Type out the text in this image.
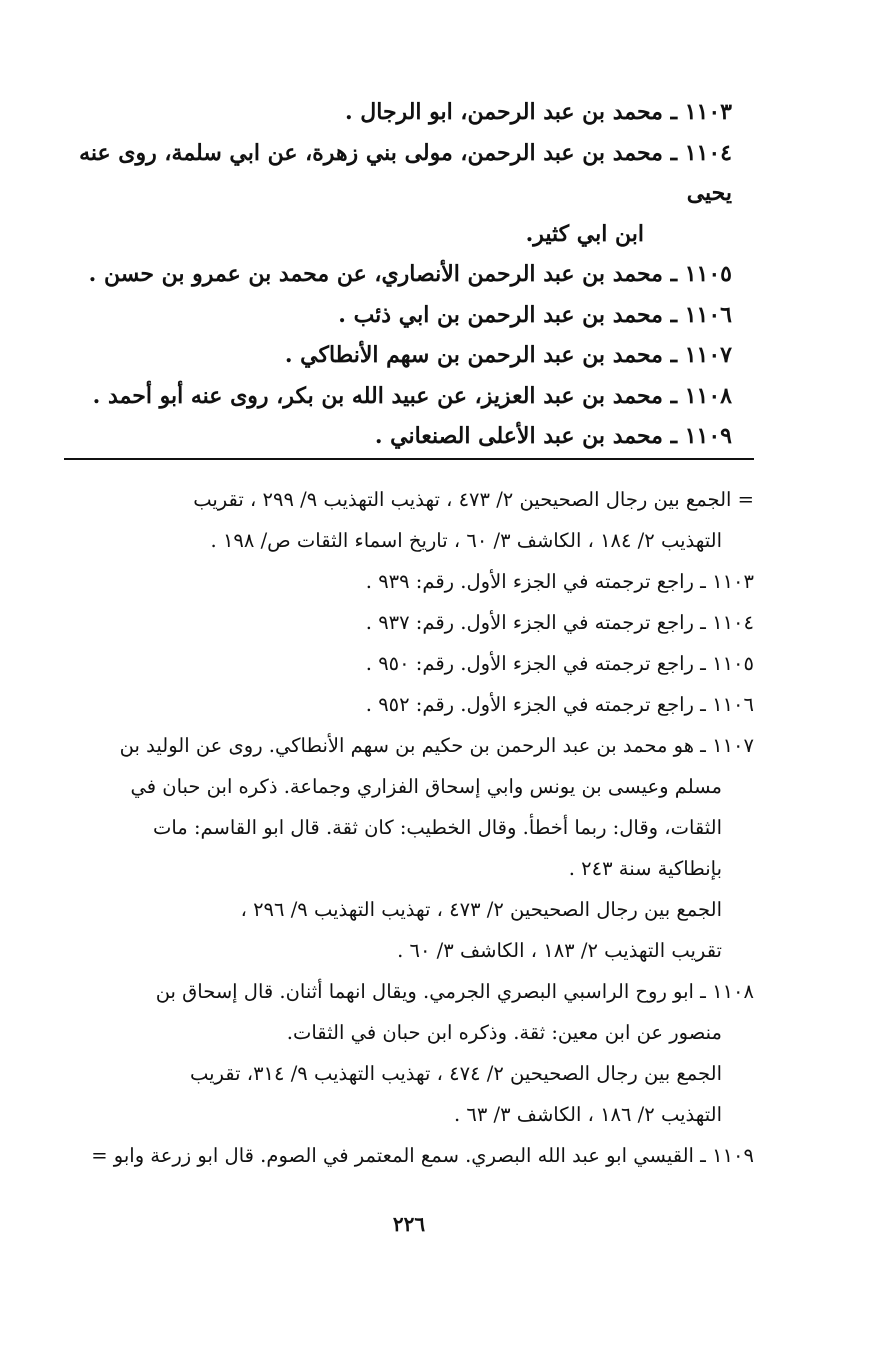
١١٠٣ ـ محمد بن عبد الرحمن، ابو الرجال .

١١٠٤ ـ محمد بن عبد الرحمن، مولى بني زهرة، عن ابي سلمة، روى عنه يحيى
ابن ابي كثير.

١١٠٥ ـ محمد بن عبد الرحمن الأنصاري، عن محمد بن عمرو بن حسن .

١١٠٦ ـ محمد بن عبد الرحمن بن ابي ذئب .

١١٠٧ ـ محمد بن عبد الرحمن بن سهم الأنطاكي .

١١٠٨ ـ محمد بن عبد العزيز، عن عبيد الله بن بكر، روى عنه أبو أحمد .

١١٠٩ ـ محمد بن عبد الأعلى الصنعاني .

= الجمع بين رجال الصحيحين ٢/ ٤٧٣ ، تهذيب التهذيب ٩/ ٢٩٩ ، تقريب
التهذيب ٢/ ١٨٤ ، الكاشف ٣/ ٦٠ ، تاريخ اسماء الثقات ص/ ١٩٨ .

١١٠٣ ـ راجع ترجمته في الجزء الأول. رقم: ٩٣٩ .

١١٠٤ ـ راجع ترجمته في الجزء الأول. رقم: ٩٣٧ .

١١٠٥ ـ راجع ترجمته في الجزء الأول. رقم: ٩٥٠ .

١١٠٦ ـ راجع ترجمته في الجزء الأول. رقم: ٩٥٢ .

١١٠٧ ـ هو محمد بن عبد الرحمن بن حكيم بن سهم الأنطاكي. روى عن الوليد بن
مسلم وعيسى بن يونس وابي إسحاق الفزاري وجماعة. ذكره ابن حبان في
الثقات، وقال: ربما أخطأ. وقال الخطيب: كان ثقة. قال ابو القاسم: مات
بإنطاكية سنة ٢٤٣ .

الجمع بين رجال الصحيحين ٢/ ٤٧٣ ، تهذيب التهذيب ٩/ ٢٩٦ ،
تقريب التهذيب ٢/ ١٨٣ ، الكاشف ٣/ ٦٠ .

١١٠٨ ـ ابو روح الراسبي البصري الجرمي. ويقال انهما أثنان. قال إسحاق بن
منصور عن ابن معين: ثقة. وذكره ابن حبان في الثقات.

الجمع بين رجال الصحيحين ٢/ ٤٧٤ ، تهذيب التهذيب ٩/ ٣١٤، تقريب
التهذيب ٢/ ١٨٦ ، الكاشف ٣/ ٦٣ .

١١٠٩ ـ القيسي ابو عبد الله البصري. سمع المعتمر في الصوم. قال ابو زرعة وابو =

٢٢٦
